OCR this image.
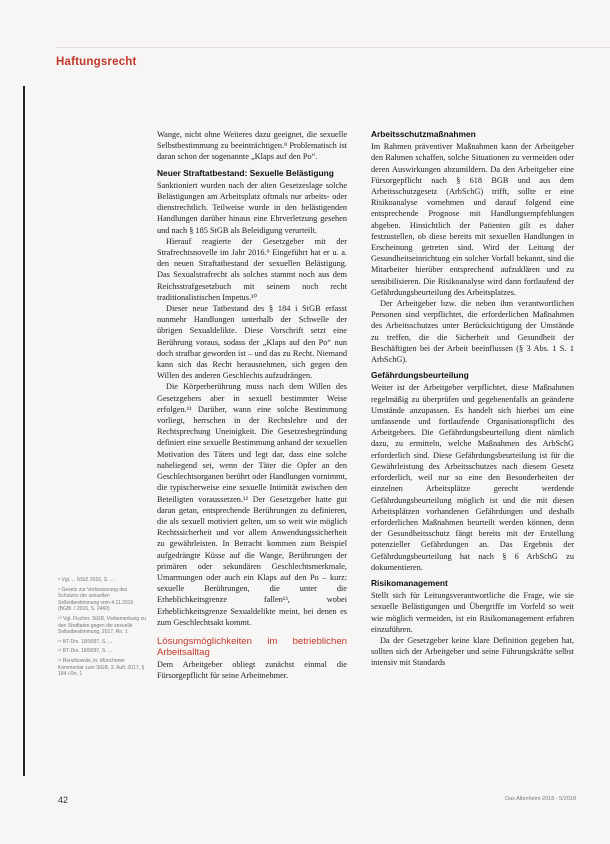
Haftungsrecht

Wange, nicht ohne Weiteres dazu geeignet, die sexuelle Selbstbestimmung zu beeinträchtigen.⁸ Problematisch ist daran schon der sogenannte „Klaps auf den Po“.

Neuer Straftatbestand: Sexuelle Belästigung

Sanktioniert wurden nach der alten Gesetzeslage solche Belästigungen am Arbeitsplatz oftmals nur arbeits- oder dienstrechtlich. Teilweise wurde in den belästigenden Handlungen darüber hinaus eine Ehrverletzung gesehen und nach § 185 StGB als Beleidigung verurteilt.

Hierauf reagierte der Gesetzgeber mit der Strafrechtsnovelle im Jahr 2016.⁹ Eingeführt hat er u. a. den neuen Straftatbestand der sexuellen Belästigung. Das Sexualstrafrecht als solches stammt noch aus dem Reichsstrafgesetzbuch mit seinem noch recht traditionalistischen Impetus.¹⁰

Dieser neue Tatbestand des § 184 i StGB erfasst nunmehr Handlungen unterhalb der Schwelle der übrigen Sexualdelikte. Diese Vorschrift setzt eine Berührung voraus, sodass der „Klaps auf den Po“ nun doch strafbar geworden ist – und das zu Recht. Niemand kann sich das Recht herausnehmen, sich gegen den Willen des anderen Geschlechts aufzudrängen.

Die Körperberührung muss nach dem Willen des Gesetzgebers aber in sexuell bestimmter Weise erfolgen.¹¹ Darüber, wann eine solche Bestimmung vorliegt, herrschen in der Rechtslehre und der Rechtsprechung Uneinigkeit. Die Gesetzesbegründung definiert eine sexuelle Bestimmung anhand der sexuellen Motivation des Täters und legt dar, dass eine solche naheliegend sei, wenn der Täter die Opfer an den Geschlechtsorganen berührt oder Handlungen vornimmt, die typischerweise eine sexuelle Intimität zwischen den Beteiligten voraussetzen.¹² Der Gesetzgeber hatte gut daran getan, entsprechende Berührungen zu definieren, die als sexuell motiviert gelten, um so weit wie möglich Rechtssicherheit und vor allem Anwendungssicherheit zu gewährleisten. In Betracht kommen zum Beispiel aufgedrängte Küsse auf die Wange, Berührungen der primären oder sekundären Geschlechtsmerkmale, Umarmungen oder auch ein Klaps auf den Po – kurz: sexuelle Berührungen, die unter die Erheblichkeitsgrenze fallen¹³, wobei Erheblichkeitsgrenze Sexualdelikte meint, bei denen es zum Geschlechtsakt kommt.

Lösungsmöglichkeiten im betrieblichen Arbeitsalltag

Dem Arbeitgeber obliegt zunächst einmal die Fürsorgepflicht für seine Arbeitnehmer.

Arbeitsschutzmaßnahmen

Im Rahmen präventiver Maßnahmen kann der Arbeitgeber den Rahmen schaffen, solche Situationen zu vermeiden oder deren Auswirkungen abzumildern. Da den Arbeitgeber eine Fürsorgepflicht nach § 618 BGB und aus dem Arbeitsschutzgesetz (ArbSchG) trifft, sollte er eine Risikoanalyse vornehmen und darauf folgend eine entsprechende Prognose mit Handlungsempfehlungen abgeben. Hinsichtlich der Patienten gilt es daher festzustellen, ob diese bereits mit sexuellen Handlungen in Erscheinung getreten sind. Wird der Leitung der Gesundheitseinrichtung ein solcher Vorfall bekannt, sind die Mitarbeiter hierüber entsprechend aufzuklären und zu sensibilisieren. Die Risikoanalyse wird dann fortlaufend der Gefährdungsbeurteilung des Arbeitsplatzes.

Der Arbeitgeber bzw. die neben ihm verantwortlichen Personen sind verpflichtet, die erforderlichen Maßnahmen des Arbeitsschutzes unter Berücksichtigung der Umstände zu treffen, die die Sicherheit und Gesundheit der Beschäftigten bei der Arbeit beeinflussen (§ 3 Abs. 1 S. 1 ArbSchG).

Gefährdungsbeurteilung

Weiter ist der Arbeitgeber verpflichtet, diese Maßnahmen regelmäßig zu überprüfen und gegebenenfalls an geänderte Umstände anzupassen. Es handelt sich hierbei um eine umfassende und fortlaufende Organisationspflicht des Arbeitgebers. Die Gefährdungsbeurteilung dient nämlich dazu, zu ermitteln, welche Maßnahmen des ArbSchG erforderlich sind. Diese Gefährdungsbeurteilung ist für die Gewährleistung des Arbeitsschutzes nach diesem Gesetz erforderlich, weil nur so eine den Besonderheiten der einzelnen Arbeitsplätze gerecht werdende Gefährdungsbeurteilung möglich ist und die mit diesen Arbeitsplätzen vorhandenen Gefährdungen und deshalb erforderlichen Maßnahmen beurteilt werden können, denn der Gesundheitsschutz fängt bereits mit der Erstellung potenzieller Gefährdungen an. Das Ergebnis der Gefährdungsbeurteilung hat nach § 6 ArbSchG zu dokumentieren.

Risikomanagement

Stellt sich für Leitungsverantwortliche die Frage, wie sie sexuelle Belästigungen und Übergriffe im Vorfeld so weit wie möglich vermeiden, ist ein Risikomanagement erfahren einzuführen.

Da der Gesetzgeber keine klare Definition gegeben hat, sollten sich der Arbeitgeber und seine Führungskräfte selbst intensiv mit Standards

⁸ Vgl. ... NStZ 2016, S. ...
⁹ Gesetz zur Verbesserung des Schutzes der sexuellen Selbstbestimmung vom 4.11.2016 (BGBl. I 2016, S. 2460)
¹⁰ Vgl. Fischer, StGB, Vorbemerkung zu den Straftaten gegen die sexuelle Selbstbestimmung, 2017, Rn. 1
¹¹ BT-Drs. 18/9097, S. ...
¹² BT-Drs. 18/9097, S. ...
¹³ Renzikowski, in: Münchener Kommentar zum StGB, 3. Aufl. 2017, § 184 i Rn. 1
42	Das Altenheim 2018 - 5/2018
